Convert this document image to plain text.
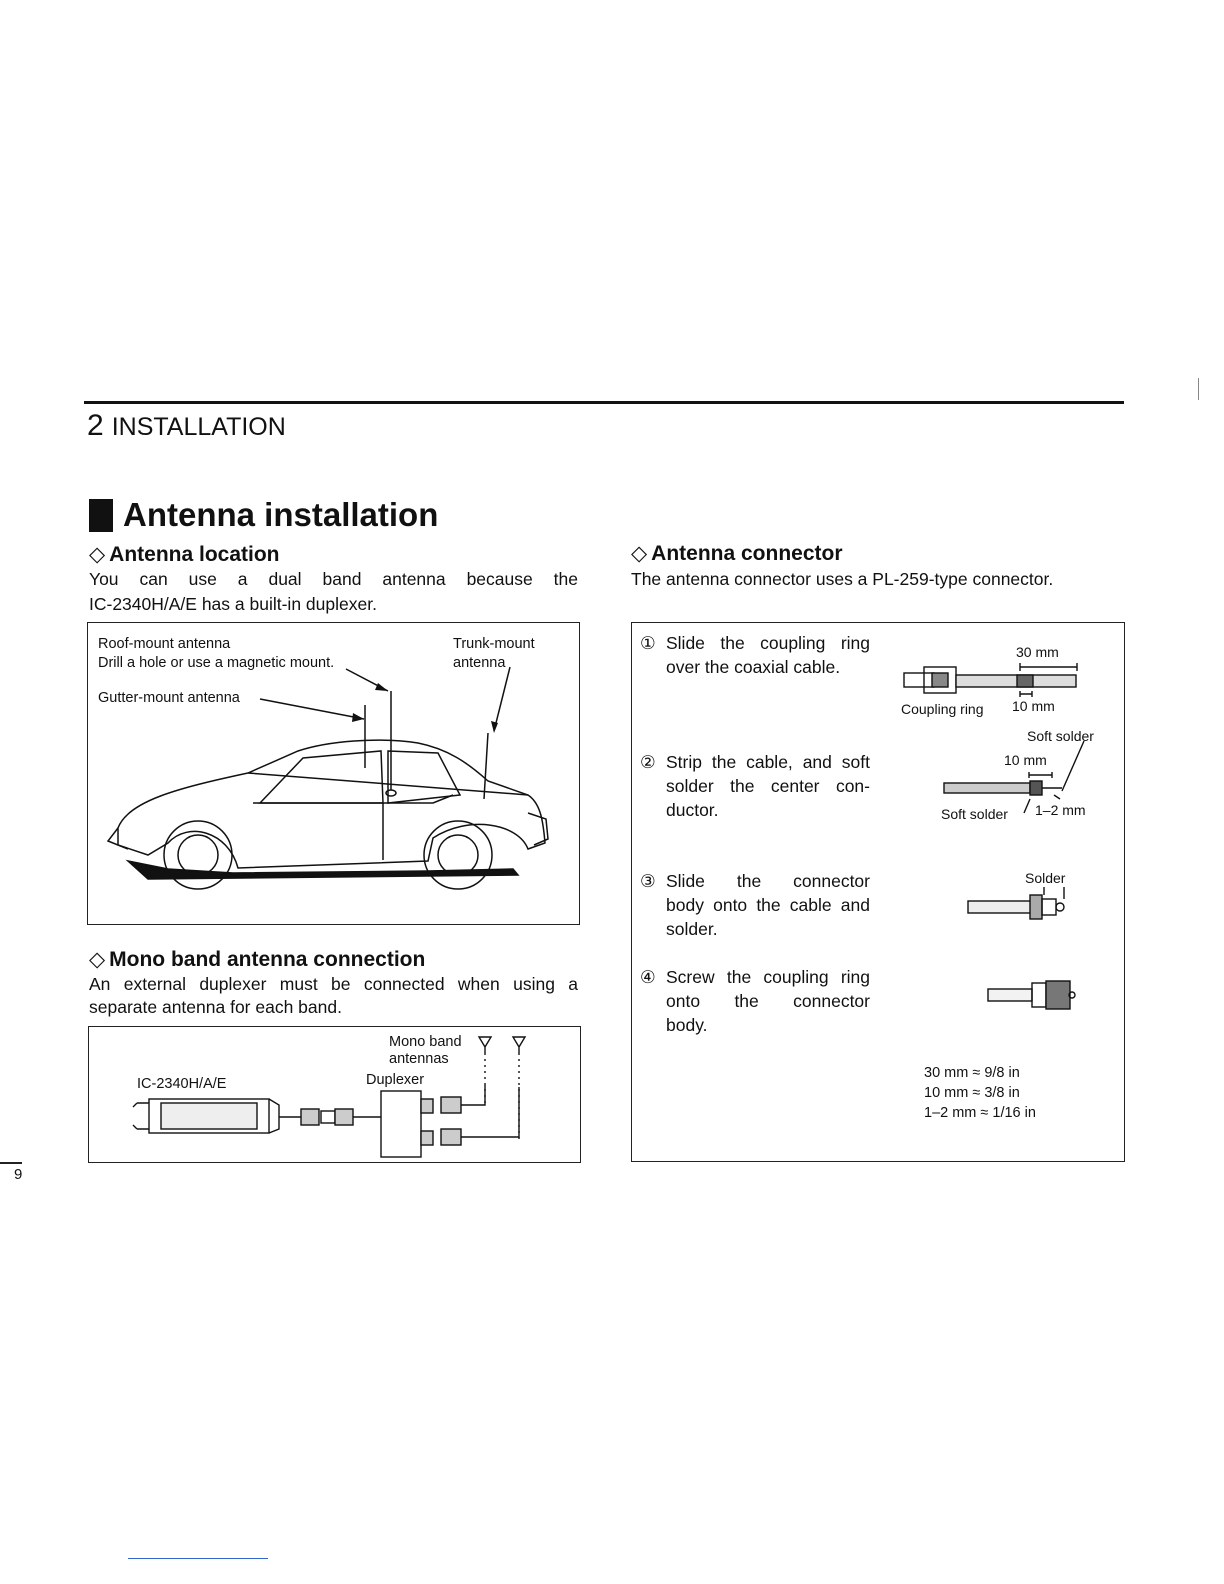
2 INSTALLATION
Antenna installation
◇ Antenna location
You can use a dual band antenna because the
IC-2340H/A/E has a built-in duplexer.
Roof-mount antenna
Drill a hole or use a magnetic mount.
Trunk-mount
antenna
Gutter-mount antenna
◇ Mono band antenna connection
An external duplexer must be connected when using a
separate antenna for each band.
Mono band
antennas
Duplexer
IC-2340H/A/E
◇ Antenna connector
The antenna connector uses a PL-259-type connector.
① Slide the coupling ring
over the coaxial cable.
② Strip the cable, and soft
solder the center con-
ductor.
③ Slide the connector
body onto the cable and
solder.
④ Screw the coupling ring
onto the connector
body.
30 mm
Coupling ring 10 mm
Soft solder
10 mm
Soft solder 1–2 mm
Solder
30 mm ≈ 9/8 in
10 mm ≈ 3/8 in
1–2 mm ≈ 1/16 in
9
